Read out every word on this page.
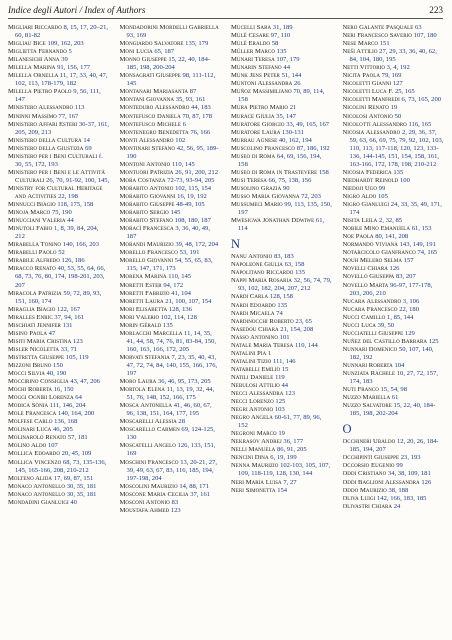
Indice degli Autori / Index of Authors	223
Migliari Riccardo 8, 15, 17, 20–21, 60, 81-82
Migliau Bice 109, 162, 203
Miglietta Fernando 5
Milanesichi Anna 39
Milella Marina 91, 156, 177
Milella Ornella 11, 17, 33, 40, 47, 102, 113, 178-179, 182
Milella Pietro Paolo 9, 56, 111, 147
Ministero Alessandro 113
Mininni Massimo 77, 167
Ministero Affari Esteri 36-37, 161, 205, 209, 213
Ministero della Cultura 14
Ministero della Giustizia 69
Ministero per i Beni Culturali f. 30, 55, 172, 193
Ministero per i Beni e le Attività Culturali 26, 70, 91-92, 100, 145,
Ministry for Cultural Heritage and Activities 22, 198
Minnucci Biagio 118, 175, 158
Minoja Marco 75, 190
Minucciani Valeria 44
Minutoli Fabio 1, 8, 39, 84, 204, 212
Mirabella Tonino 140, 166, 203
Mirabelli Paolo 52
Mirabile Alfredo 126, 186
Miracco Renato 40, 53, 55, 64, 66, 68, 73, 76, 80, 174, 198-201, 203, 207
Miracola Patrizia 59, 72, 89, 93, 151, 160, 174
Miraglia Biagio 122, 167
Miralles Enric 37, 94, 161
Mischiati Jennifer 131
Misino Paola 47
Misiti Maria Cristina 123
Misler Nicoletta 33, 71
Mistretta Giuseppe 105, 119
Mizzoni Bruno 150
Mocci Silvia 40, 190
Moccirino Consiglia 43, 47, 206
Mochi Roberta 16, 150
Moggi Ognibi Lorenza 64
Modica Sònia 111, 146, 204
Mole Francesca 140, 164, 200
Molfese Carlo 136, 168
Molinari Luca 46, 205
Molinarolo Renato 57, 181
Molino Aldo 107
Mollica Edoardo 20, 45, 109
Mollica Vincenzo 68, 73, 135-136, 145, 165-166, 208, 210-212
Molteno Alida 17, 69, 87, 151
Monaco Antonello 30, 35, 181
Monaco Antonello 30, 35, 181
Mondadini Gianluigi 40
Mondadorini Mordelli Gabriella 93, 169
Mongiardo Salvatore 135, 179
Moni Lucia 65, 187
Monno Giuseppe 15, 22, 40, 184-185, 198, 200-204
Monsagrati Giuseppe 98, 111-112, 145
Montanari Mariasanta 87
Montani Giovanna 35, 93, 161
Monteduro Alessandro 44, 183
Montefusco Daniela 70, 87, 178
Montefusco Michele 6
Montenegro Benedetta 76, 166
Monti Alessandro 102
Montinari Stefano 42, 56, 95, 189-190
Montoni Antonio 110, 145
Montuori Patrizia 26, 91, 200, 212
Mora Costanza 72-73, 93-94, 205
Morabito Antonio 102, 115, 154
Morabito Giovanni 16, 19, 192
Morabito Giuseppe 48-49, 105
Morabito Sergio 145
Morabito Stefano 108, 180, 187
Moracì Francesca 3, 36, 40, 49, 187
Morandi Maurizio 39, 48, 172, 204
Morello Francesco 53, 191
Morello Giovanni 54, 55, 65, 83, 115, 147, 171, 173
Morena Marina 110, 145
Moretti Ester 94, 172
Moretti Fabrizio 41, 104
Moretti Laura 21, 100, 107, 154
Mori Elisabetta 128, 136
Mori Valerio 102, 114, 128
Morin Gérald 135
Morlacchi Marcella 11, 14, 35, 41, 44, 58, 74, 76, 81, 83-84, 150, 160, 163, 166, 172, 205
Morvati Stefania 7, 23, 35, 40, 43, 47, 72, 74, 84, 140, 155, 166, 176, 197
Moro Laura 36, 46, 95, 173, 205
Mortola Elena 11, 13, 19, 32, 44, 51, 76, 148, 152, 166, 175
Mosca Antonella 41, 46, 60, 67, 96, 138, 151, 164, 177, 195
Moscarelli Alessia 28
Moscarello Carmen 69, 124-125, 130
Moscatelli Angelo 126, 133, 151, 169
Moschini Francesco 13, 20-21, 27, 39, 49, 63, 67, 83, 116, 185, 194, 197-198, 204
Moscolini Maurizio 14, 88, 171
Moscone Maria Cecilia 37, 161
Mosconi Antonio 83
Moustafa Ahmed 123
Mucelli Sara 31, 189
Mulè Cesare 97, 110
Mulè Eraldo 58
Müller Marco 135
Munari Teresa 107, 179
Munarin Stefano 44
Munk Jens Peter 51, 144
Muntoni Alessandra 26
Muñoz Massimiliano 70, 89, 114, 158
Mura Pietro Mario 21
Murace Giulia 35, 147
Muratore Giorgio 33, 49, 165, 167
Muratore Laura 130-131
Murrau Agnese 40, 162, 194
Muscolino Francesco 87, 186, 192
Museo di Roma 64, 69, 156, 194, 158
Museo di Roma in Trastevere 158
Musi Teresa 66, 75, 138, 156
Musolino Grazia 90
Musso Maria Giovanna 72, 203
Mussumeci Mario 99, 113, 135, 150, 197
Mwesigwa Jonathan Ddwiwe 61, 114
N
Nanu Antonio 83, 183
Napoleone Giulia 63, 158
Napolitano Riccardo 135
Nappi Maria Rosaria 32, 56, 74, 79, 93, 102, 182, 204, 207, 212
Nardi Carla 128, 158
Nardi Edoardo 135
Nardi Micaela 74
Nardinocchi Roberto 23, 65
Nasedou Chiara 21, 154, 208
Nasso Antonino 101
Natale Maria Teresa 110, 144
Natalini Pia 1
Natalini Tizio 111, 146
Natarelli Emilio 15
Natili Daniele 119
Nebulosi Attilio 44
Necci Alessandra 123
Necci Lorenzo 125
Negri Antonio 103
Negro Angela 60-61, 77, 89, 96, 152
Negroni Marco 19
Nekrasov Andrej 36, 177
Nelli Manuela 86, 91, 205
Nencini Dina 6, 19, 199
Nenna Maurizio 102-103, 105, 107, 109, 118-119, 128, 130, 144
Neri Maria Luisa 7, 27
Neri Simonetta 154
Nero Galante Pasquale 63
Neri Francesco Saverio 107, 180
Nese Marco 151
Neši Attilio 27, 29, 33, 36, 40, 62, 84, 104, 180, 195
Netti Vittorio 3, 4, 192
Nicita Paola 79, 169
Nicoletti Gianni 127
Nicoletti Luca F. 25, 165
Nicoletti Manfredi 6, 73, 165, 200
Nicolini Renato 19
Nicolosi Antonio 50
Nicolotti Alessandro 116, 165
Nicosia Alessandro 2, 29, 36, 37, 59, 63, 66, 69, 75, 79, 92, 102, 103, 110, 113, 117-118, 120, 123, 133-136, 144-145, 151, 154, 158, 161, 163-166, 172, 178, 198, 210-212
Nicosia Federica 135
Niedhardt Reinold 100
Niedoji Ugo 99
Nigro Aldo 105
Nigro Gianluigi 24, 33, 35, 49, 171, 174
Nisita Leila 2, 32, 85
Nobile Mino Emanuela 61, 153
Noe Paola 80, 141, 208
Normando Viviana 143, 149, 191
Notarcicolo Gianfranco 74, 165
Nouh Melero Selma 157
Novelli Chiara 126
Novello Giuseppa 83, 207
Novello Marta 96-97, 177-178, 203, 206, 210
Nucara Alessandro 3, 106
Nucara Francesco 22, 180
Nucci Camillo 1, 85, 144
Nucci Luca 39, 50
Nucciatelli Giuseppe 129
Nuñez del Castillo Barbara 125
Nunnari Domenico 50, 107, 140, 182, 192
Nunnari Roberta 104
Nunziata Rachele 10, 27, 72, 157, 174, 183
Nuti Franco 15, 54, 98
Nuzzo Mariella 61
Nuzzo Salvatore 15, 22, 40, 184-185, 198, 202-204
O
Occhineri Ubaldo 12, 20, 26, 184-185, 194, 207
Occhipinti Giuseppe 23, 193
Occorsio Eugenio 99
Oddi Cristiano 34, 38, 109, 181
Oddi Baglioni Alessandra 126
Oddo Maurizio 38, 188
Oliva Luigi 142, 166, 183, 185
Olivastri Chiara 24
